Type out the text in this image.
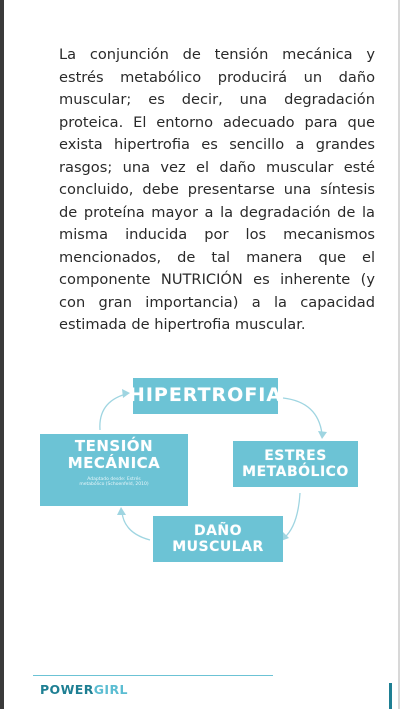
La conjunción de tensión mecánica y estrés metabólico producirá un daño muscular; es decir, una degradación proteica. El entorno adecuado para que exista hipertrofia es sencillo a grandes rasgos; una vez el daño muscular esté concluido, debe presentarse una síntesis de proteína mayor a la degradación de la misma inducida por los mecanismos mencionados, de tal manera que el componente NUTRICIÓN es inherente (y con gran importancia) a la capacidad estimada de hipertrofia muscular.

HIPERTROFIA
TENSIÓN
MECÁNICA
Adaptado desde: Estrés metabólico (Schoenfeld, 2010)
ESTRES
METABÓLICO
DAÑO
MUSCULAR
POWERGIRL
